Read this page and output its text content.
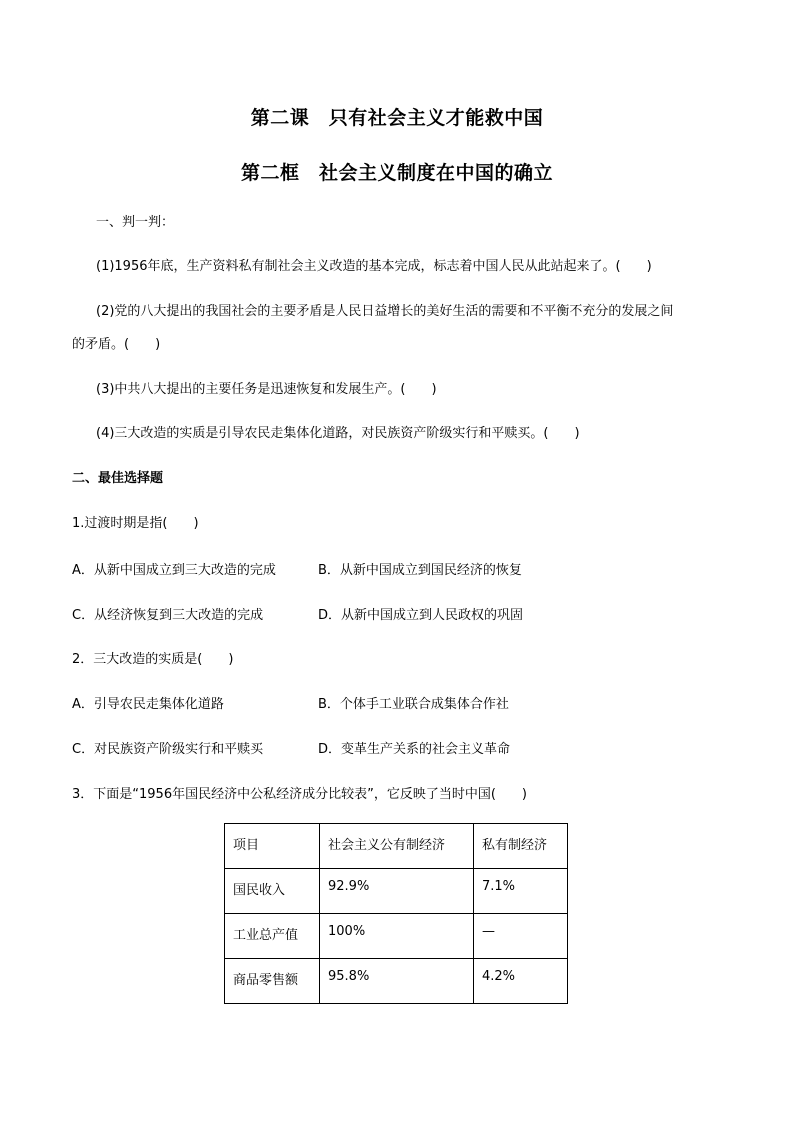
第二课　只有社会主义才能救中国
第二框　社会主义制度在中国的确立
一、判一判：
(1)1956年底，生产资料私有制社会主义改造的基本完成，标志着中国人民从此站起来了。(　　)
(2)党的八大提出的我国社会的主要矛盾是人民日益增长的美好生活的需要和不平衡不充分的发展之间
的矛盾。(　　)
(3)中共八大提出的主要任务是迅速恢复和发展生产。(　　)
(4)三大改造的实质是引导农民走集体化道路，对民族资产阶级实行和平赎买。(　　)
二、最佳选择题
1.过渡时期是指(　　)
A．从新中国成立到三大改造的完成	B．从新中国成立到国民经济的恢复
C．从经济恢复到三大改造的完成	D．从新中国成立到人民政权的巩固
2．三大改造的实质是(　　)
A．引导农民走集体化道路	B．个体手工业联合成集体合作社
C．对民族资产阶级实行和平赎买	D．变革生产关系的社会主义革命
3．下面是“1956年国民经济中公私经济成分比较表”，它反映了当时中国(　　)
项目	社会主义公有制经济	私有制经济
国民收入	92.9%	7.1%
工业总产值	100%	—
商品零售额	95.8%	4.2%
